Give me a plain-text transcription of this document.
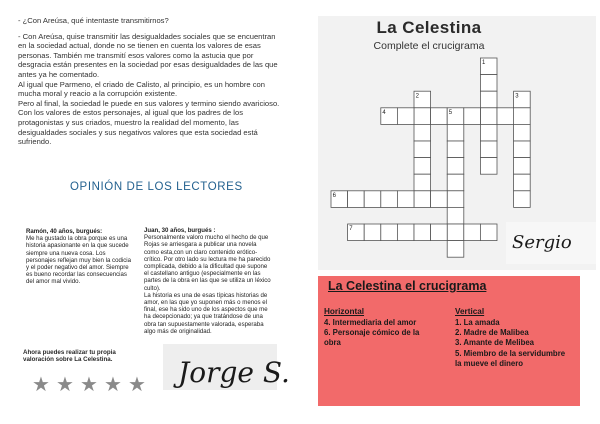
- ¿Con Areúsa, qué intentaste transmitirnos?

- Con Areúsa, quise transmitir las desigualdades sociales que se encuentran en la sociedad actual, donde no se tienen en cuenta los valores de esas personas. También me transmití esos valores como la astucia que por desgracia están presentes en la sociedad por esas desigualdades de las que antes ya he comentado.

Al igual que Parmeno, el criado de Calisto, al principio, es un hombre con mucha moral y reacio a la corrupción existente.

Pero al final, la sociedad le puede en sus valores y termino siendo avaricioso.

Con los valores de estos personajes, al igual que los padres de los protagonistas y sus criados, muestro la realidad del momento, las desigualdades sociales y sus negativos valores que esta sociedad está sufriendo.

OPINIÓN DE LOS LECTORES
Ramón, 40 años, burgués:
Me ha gustado la obra porque es una historia apasionante en la que sucede siempre una nueva cosa. Los personajes reflejan muy bien la codicia y el poder negativo del amor. Siempre es bueno recordar las consecuencias del amor mal vivido.
Juan, 30 años, burgués :
Personalmente valoro mucho el hecho de que Rojas se arriesgara a publicar una novela como esta,con un claro contenido erótico-crítico. Por otro lado su lectura me ha parecido complicada, debido a la dificultad que supone el castellano antiguo (especialmente en las partes de la obra en las que se utiliza un léxico culto).
La historia es una de esas típicas historias de amor, en las que yo suponen más o menos el final, ese ha sido uno de los aspectos que me ha decepcionado; ya que tratándose de una obra tan supuestamente valorada, esperaba algo más de originalidad.
Ahora puedes realizar tu propia valoración sobre La Celestina.
★ ★ ★ ★ ★
La Celestina
Complete el crucigrama
1
2	3
4	5
6
7
Jorge S.
Sergio
La Celestina el crucigrama
Horizontal	Vertical
4. Intermediaria del amor
6. Personaje cómico de la obra
1. La amada
2. Madre de Malibea
3. Amante de Melibea
5. Miembro de la servidumbre la mueve el dinero
